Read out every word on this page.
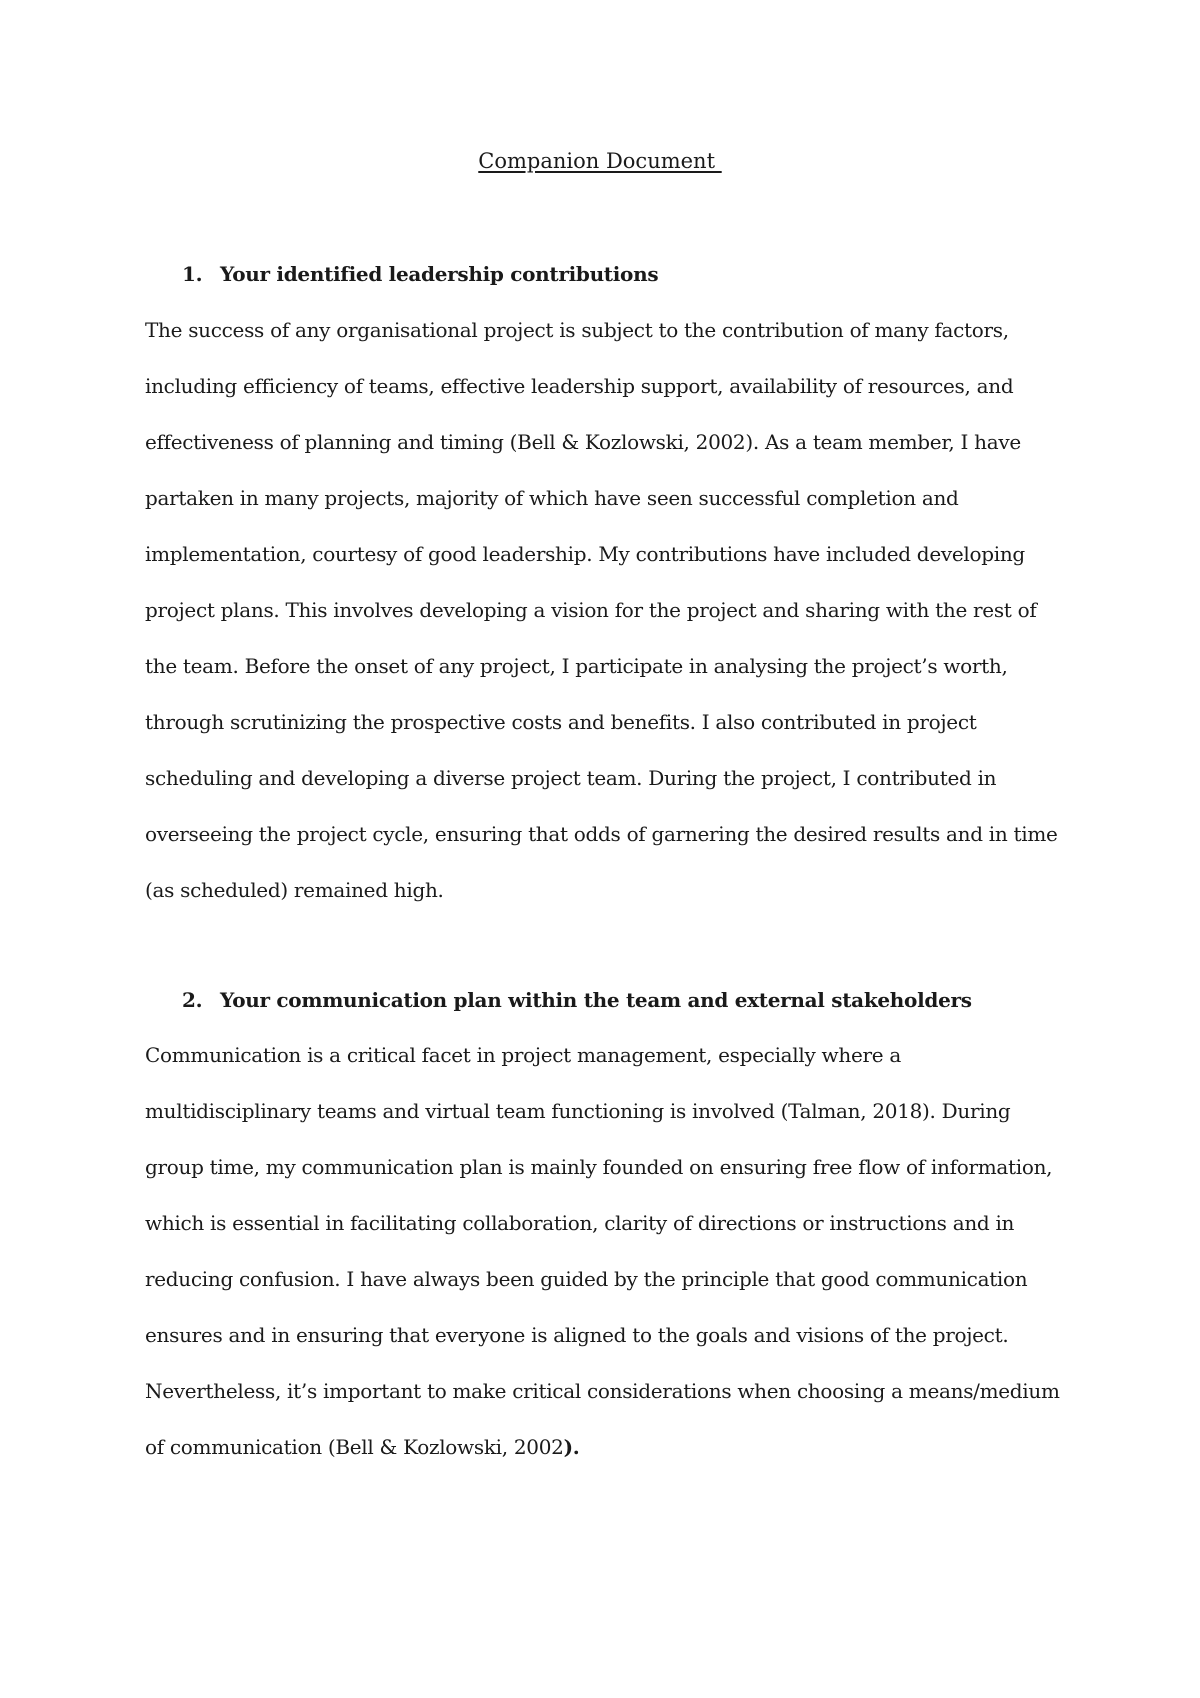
Companion Document
1. Your identified leadership contributions
The success of any organisational project is subject to the contribution of many factors,
including efficiency of teams, effective leadership support, availability of resources, and
effectiveness of planning and timing (Bell & Kozlowski, 2002). As a team member, I have
partaken in many projects, majority of which have seen successful completion and
implementation, courtesy of good leadership. My contributions have included developing
project plans. This involves developing a vision for the project and sharing with the rest of
the team. Before the onset of any project, I participate in analysing the project’s worth,
through scrutinizing the prospective costs and benefits. I also contributed in project
scheduling and developing a diverse project team. During the project, I contributed in
overseeing the project cycle, ensuring that odds of garnering the desired results and in time
(as scheduled) remained high.
2. Your communication plan within the team and external stakeholders
Communication is a critical facet in project management, especially where a
multidisciplinary teams and virtual team functioning is involved (Talman, 2018). During
group time, my communication plan is mainly founded on ensuring free flow of information,
which is essential in facilitating collaboration, clarity of directions or instructions and in
reducing confusion. I have always been guided by the principle that good communication
ensures and in ensuring that everyone is aligned to the goals and visions of the project.
Nevertheless, it’s important to make critical considerations when choosing a means/medium
of communication (Bell & Kozlowski, 2002).
